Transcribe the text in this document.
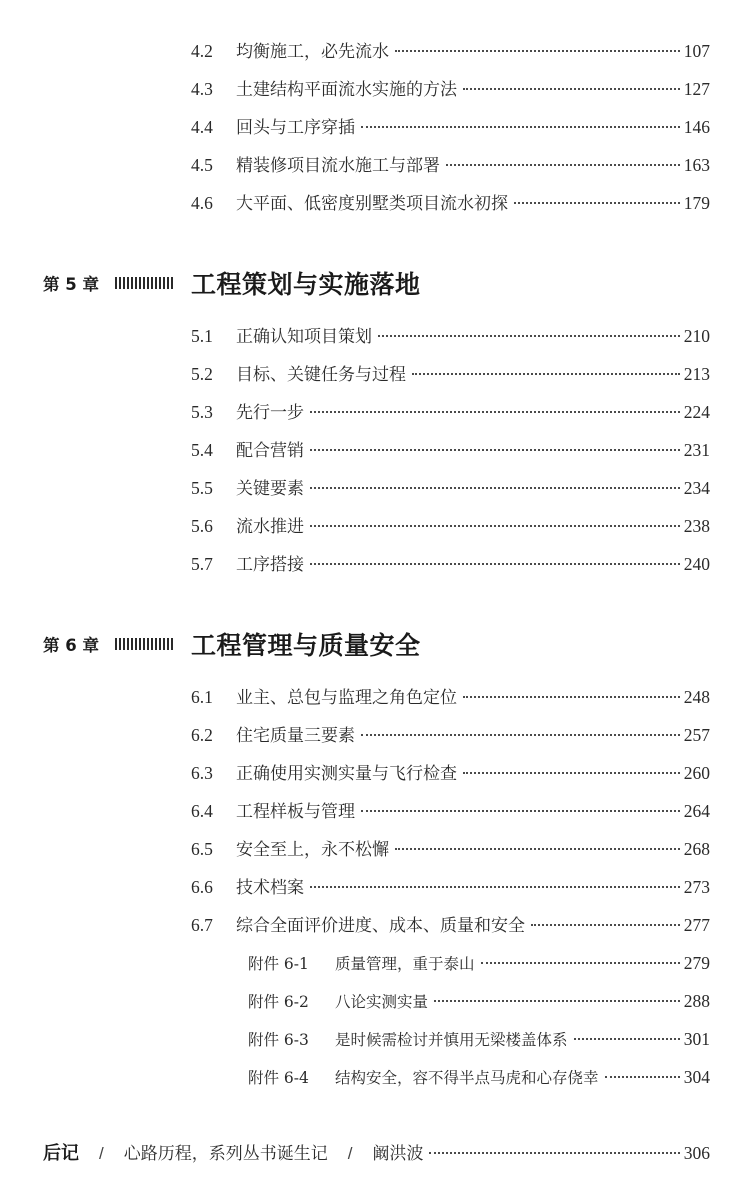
4.2	均衡施工，必先流水	107
4.3	土建结构平面流水实施的方法	127
4.4	回头与工序穿插	146
4.5	精装修项目流水施工与部署	163
4.6	大平面、低密度别墅类项目流水初探	179
第 5 章	工程策划与实施落地
5.1	正确认知项目策划	210
5.2	目标、关键任务与过程	213
5.3	先行一步	224
5.4	配合营销	231
5.5	关键要素	234
5.6	流水推进	238
5.7	工序搭接	240
第 6 章	工程管理与质量安全
6.1	业主、总包与监理之角色定位	248
6.2	住宅质量三要素	257
6.3	正确使用实测实量与飞行检查	260
6.4	工程样板与管理	264
6.5	安全至上，永不松懈	268
6.6	技术档案	273
6.7	综合全面评价进度、成本、质量和安全	277
附件 6-1	质量管理，重于泰山	279
附件 6-2	八论实测实量	288
附件 6-3	是时候需检讨并慎用无梁楼盖体系	301
附件 6-4	结构安全，容不得半点马虎和心存侥幸	304
后记 / 心路历程，系列丛书诞生记 / 阚洪波	306
